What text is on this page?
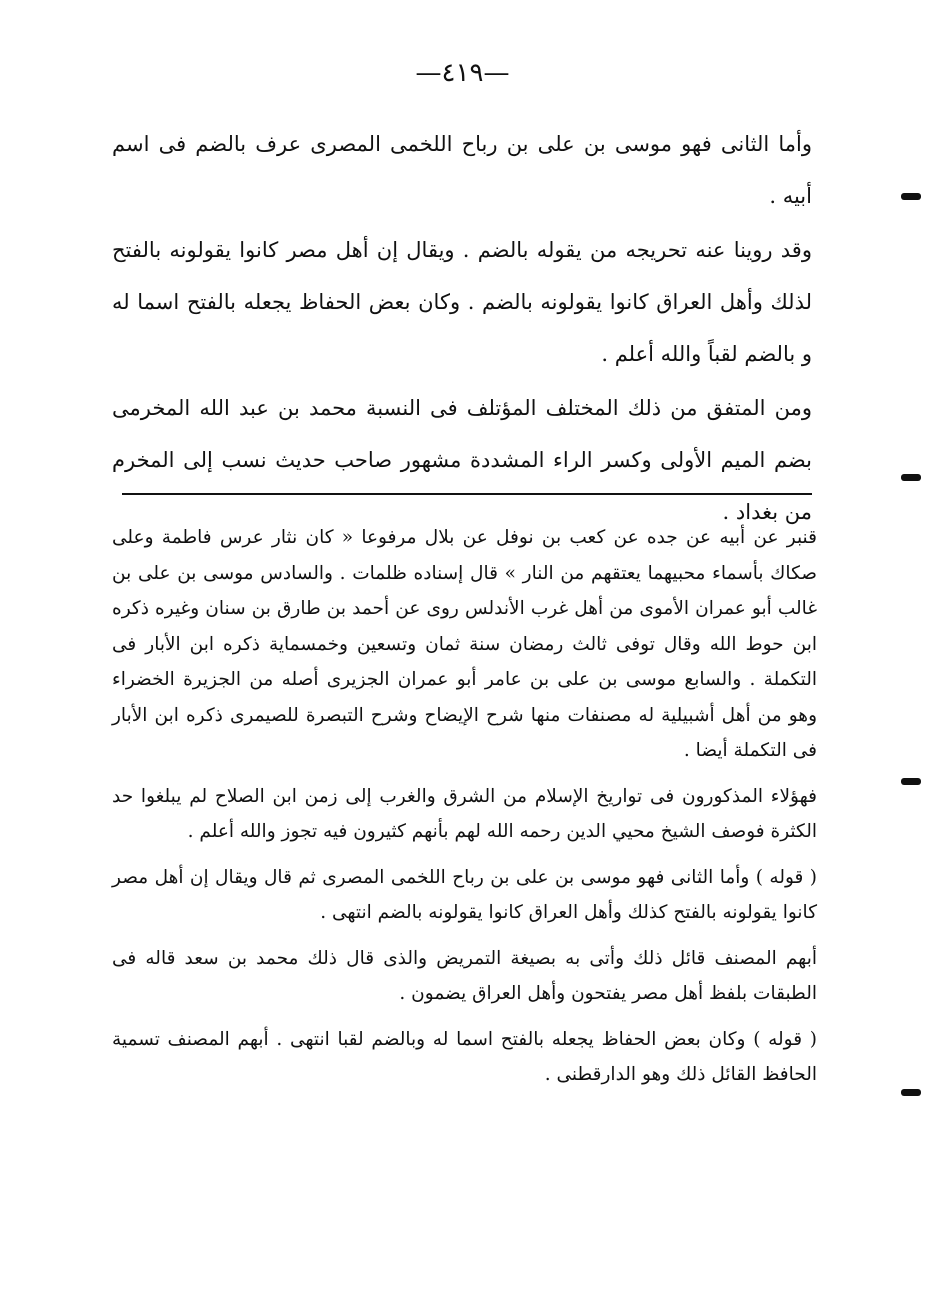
—٤١٩—

وأما الثانى فهو موسى بن على بن رباح اللخمى المصرى عرف بالضم فى اسم أبيه .

وقد روينا عنه تحريجه من يقوله بالضم . ويقال إن أهل مصر كانوا يقولونه بالفتح لذلك وأهل العراق كانوا يقولونه بالضم . وكان بعض الحفاظ يجعله بالفتح اسما له و بالضم لقباً والله أعلم .

ومن المتفق من ذلك المختلف المؤتلف فى النسبة محمد بن عبد الله المخرمى بضم الميم الأولى وكسر الراء المشددة مشهور صاحب حديث نسب إلى المخرم من بغداد .

قنبر عن أبيه عن جده عن كعب بن نوفل عن بلال مرفوعا « كان نثار عرس فاطمة وعلى صكاك بأسماء محبيهما يعتقهم من النار » قال إسناده ظلمات . والسادس موسى بن على بن غالب أبو عمران الأموى من أهل غرب الأندلس روى عن أحمد بن طارق بن سنان وغيره ذكره ابن حوط الله وقال توفى ثالث رمضان سنة ثمان وتسعين وخمسماية ذكره ابن الأبار فى التكملة . والسابع موسى بن على بن عامر أبو عمران الجزيرى أصله من الجزيرة الخضراء وهو من أهل أشبيلية له مصنفات منها شرح الإيضاح وشرح التبصرة للصيمرى ذكره ابن الأبار فى التكملة أيضا .

فهؤلاء المذكورون فى تواريخ الإسلام من الشرق والغرب إلى زمن ابن الصلاح لم يبلغوا حد الكثرة فوصف الشيخ محيي الدين رحمه الله لهم بأنهم كثيرون فيه تجوز والله أعلم .

( قوله ) وأما الثانى فهو موسى بن على بن رباح اللخمى المصرى ثم قال ويقال إن أهل مصر كانوا يقولونه بالفتح كذلك وأهل العراق كانوا يقولونه بالضم انتهى .

أبهم المصنف قائل ذلك وأتى به بصيغة التمريض والذى قال ذلك محمد بن سعد قاله فى الطبقات بلفظ أهل مصر يفتحون وأهل العراق يضمون .

( قوله ) وكان بعض الحفاظ يجعله بالفتح اسما له وبالضم لقبا انتهى . أبهم المصنف تسمية الحافظ القائل ذلك وهو الدارقطنى .
